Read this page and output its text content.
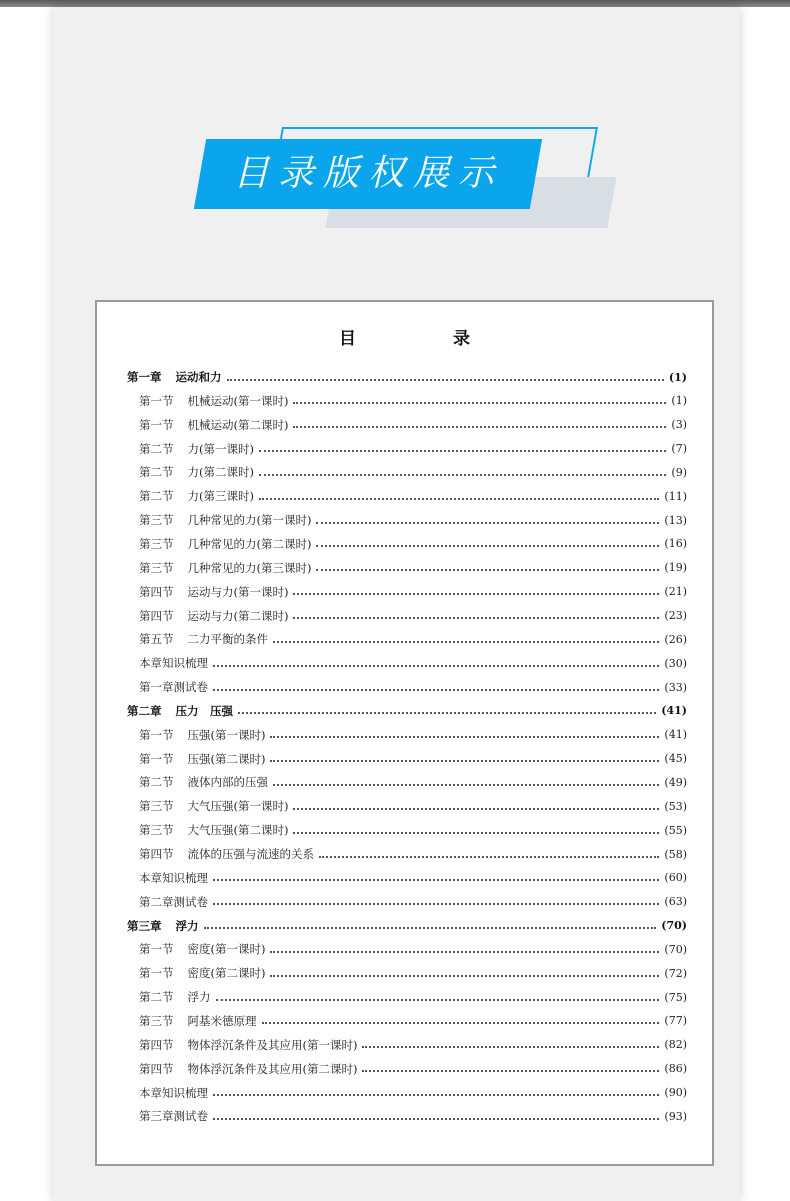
目录版权展示
目　录
第一章 运动和力	(1)
第一节 机械运动(第一课时)	(1)
第一节 机械运动(第二课时)	(3)
第二节 力(第一课时)	(7)
第二节 力(第二课时)	(9)
第二节 力(第三课时)	(11)
第三节 几种常见的力(第一课时)	(13)
第三节 几种常见的力(第二课时)	(16)
第三节 几种常见的力(第三课时)	(19)
第四节 运动与力(第一课时)	(21)
第四节 运动与力(第二课时)	(23)
第五节 二力平衡的条件	(26)
本章知识梳理	(30)
第一章测试卷	(33)
第二章 压力　压强	(41)
第一节 压强(第一课时)	(41)
第一节 压强(第二课时)	(45)
第二节 液体内部的压强	(49)
第三节 大气压强(第一课时)	(53)
第三节 大气压强(第二课时)	(55)
第四节 流体的压强与流速的关系	(58)
本章知识梳理	(60)
第二章测试卷	(63)
第三章 浮力	(70)
第一节 密度(第一课时)	(70)
第一节 密度(第二课时)	(72)
第二节 浮力	(75)
第三节 阿基米德原理	(77)
第四节 物体浮沉条件及其应用(第一课时)	(82)
第四节 物体浮沉条件及其应用(第二课时)	(86)
本章知识梳理	(90)
第三章测试卷	(93)
